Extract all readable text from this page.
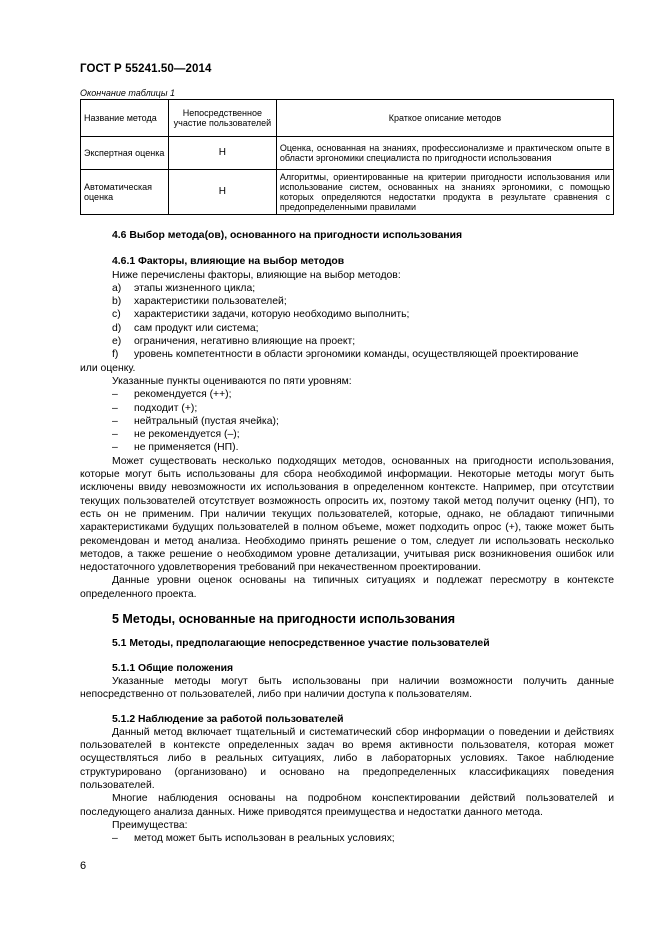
ГОСТ Р 55241.50—2014
Окончание таблицы 1
Название метода	Непосредственное участие пользователей	Краткое описание методов
Экспертная оценка	Н	Оценка, основанная на знаниях, профессионализме и практическом опыте в области эргономики специалиста по пригодности использования
Автоматическая оценка	Н	Алгоритмы, ориентированные на критерии пригодности использования или использование систем, основанных на знаниях эргономики, с помощью которых определяются недостатки продукта в результате сравнения с предопределенными правилами

4.6 Выбор метода(ов), основанного на пригодности использования

4.6.1 Факторы, влияющие на выбор методов

Ниже перечислены факторы, влияющие на выбор методов:

a)	этапы жизненного цикла;
b)	характеристики пользователей;
c)	характеристики задачи, которую необходимо выполнить;
d)	сам продукт или система;
e)	ограничения, негативно влияющие на проект;
f)	уровень компетентности в области эргономики команды, осуществляющей проектирование

или оценку.

Указанные пункты оцениваются по пяти уровням:

–	рекомендуется (++);
–	подходит (+);
–	нейтральный (пустая ячейка);
–	не рекомендуется (–);
–	не применяется (НП).

Может существовать несколько подходящих методов, основанных на пригодности использования, которые могут быть использованы для сбора необходимой информации. Некоторые методы могут быть исключены ввиду невозможности их использования в определенном контексте. Например, при отсутствии текущих пользователей отсутствует возможность опросить их, поэтому такой метод получит оценку (НП), то есть он не применим. При наличии текущих пользователей, которые, однако, не обладают типичными характеристиками будущих пользователей в полном объеме, может подходить опрос (+), также может быть рекомендован и метод анализа. Необходимо принять решение о том, следует ли использовать несколько методов, а также решение о необходимом уровне детализации, учитывая риск возникновения ошибок или недостаточного удовлетворения требований при некачественном проектировании.

Данные уровни оценок основаны на типичных ситуациях и подлежат пересмотру в контексте определенного проекта.

5 Методы, основанные на пригодности использования

5.1 Методы, предполагающие непосредственное участие пользователей

5.1.1 Общие положения

Указанные методы могут быть использованы при наличии возможности получить данные непосредственно от пользователей, либо при наличии доступа к пользователям.

5.1.2 Наблюдение за работой пользователей

Данный метод включает тщательный и систематический сбор информации о поведении и действиях пользователей в контексте определенных задач во время активности пользователя, которая может осуществляться либо в реальных ситуациях, либо в лабораторных условиях. Такое наблюдение структурировано (организовано) и основано на предопределенных классификациях поведения пользователей.

Многие наблюдения основаны на подробном конспектировании действий пользователей и последующего анализа данных. Ниже приводятся преимущества и недостатки данного метода.

Преимущества:

–	метод может быть использован в реальных условиях;
6
